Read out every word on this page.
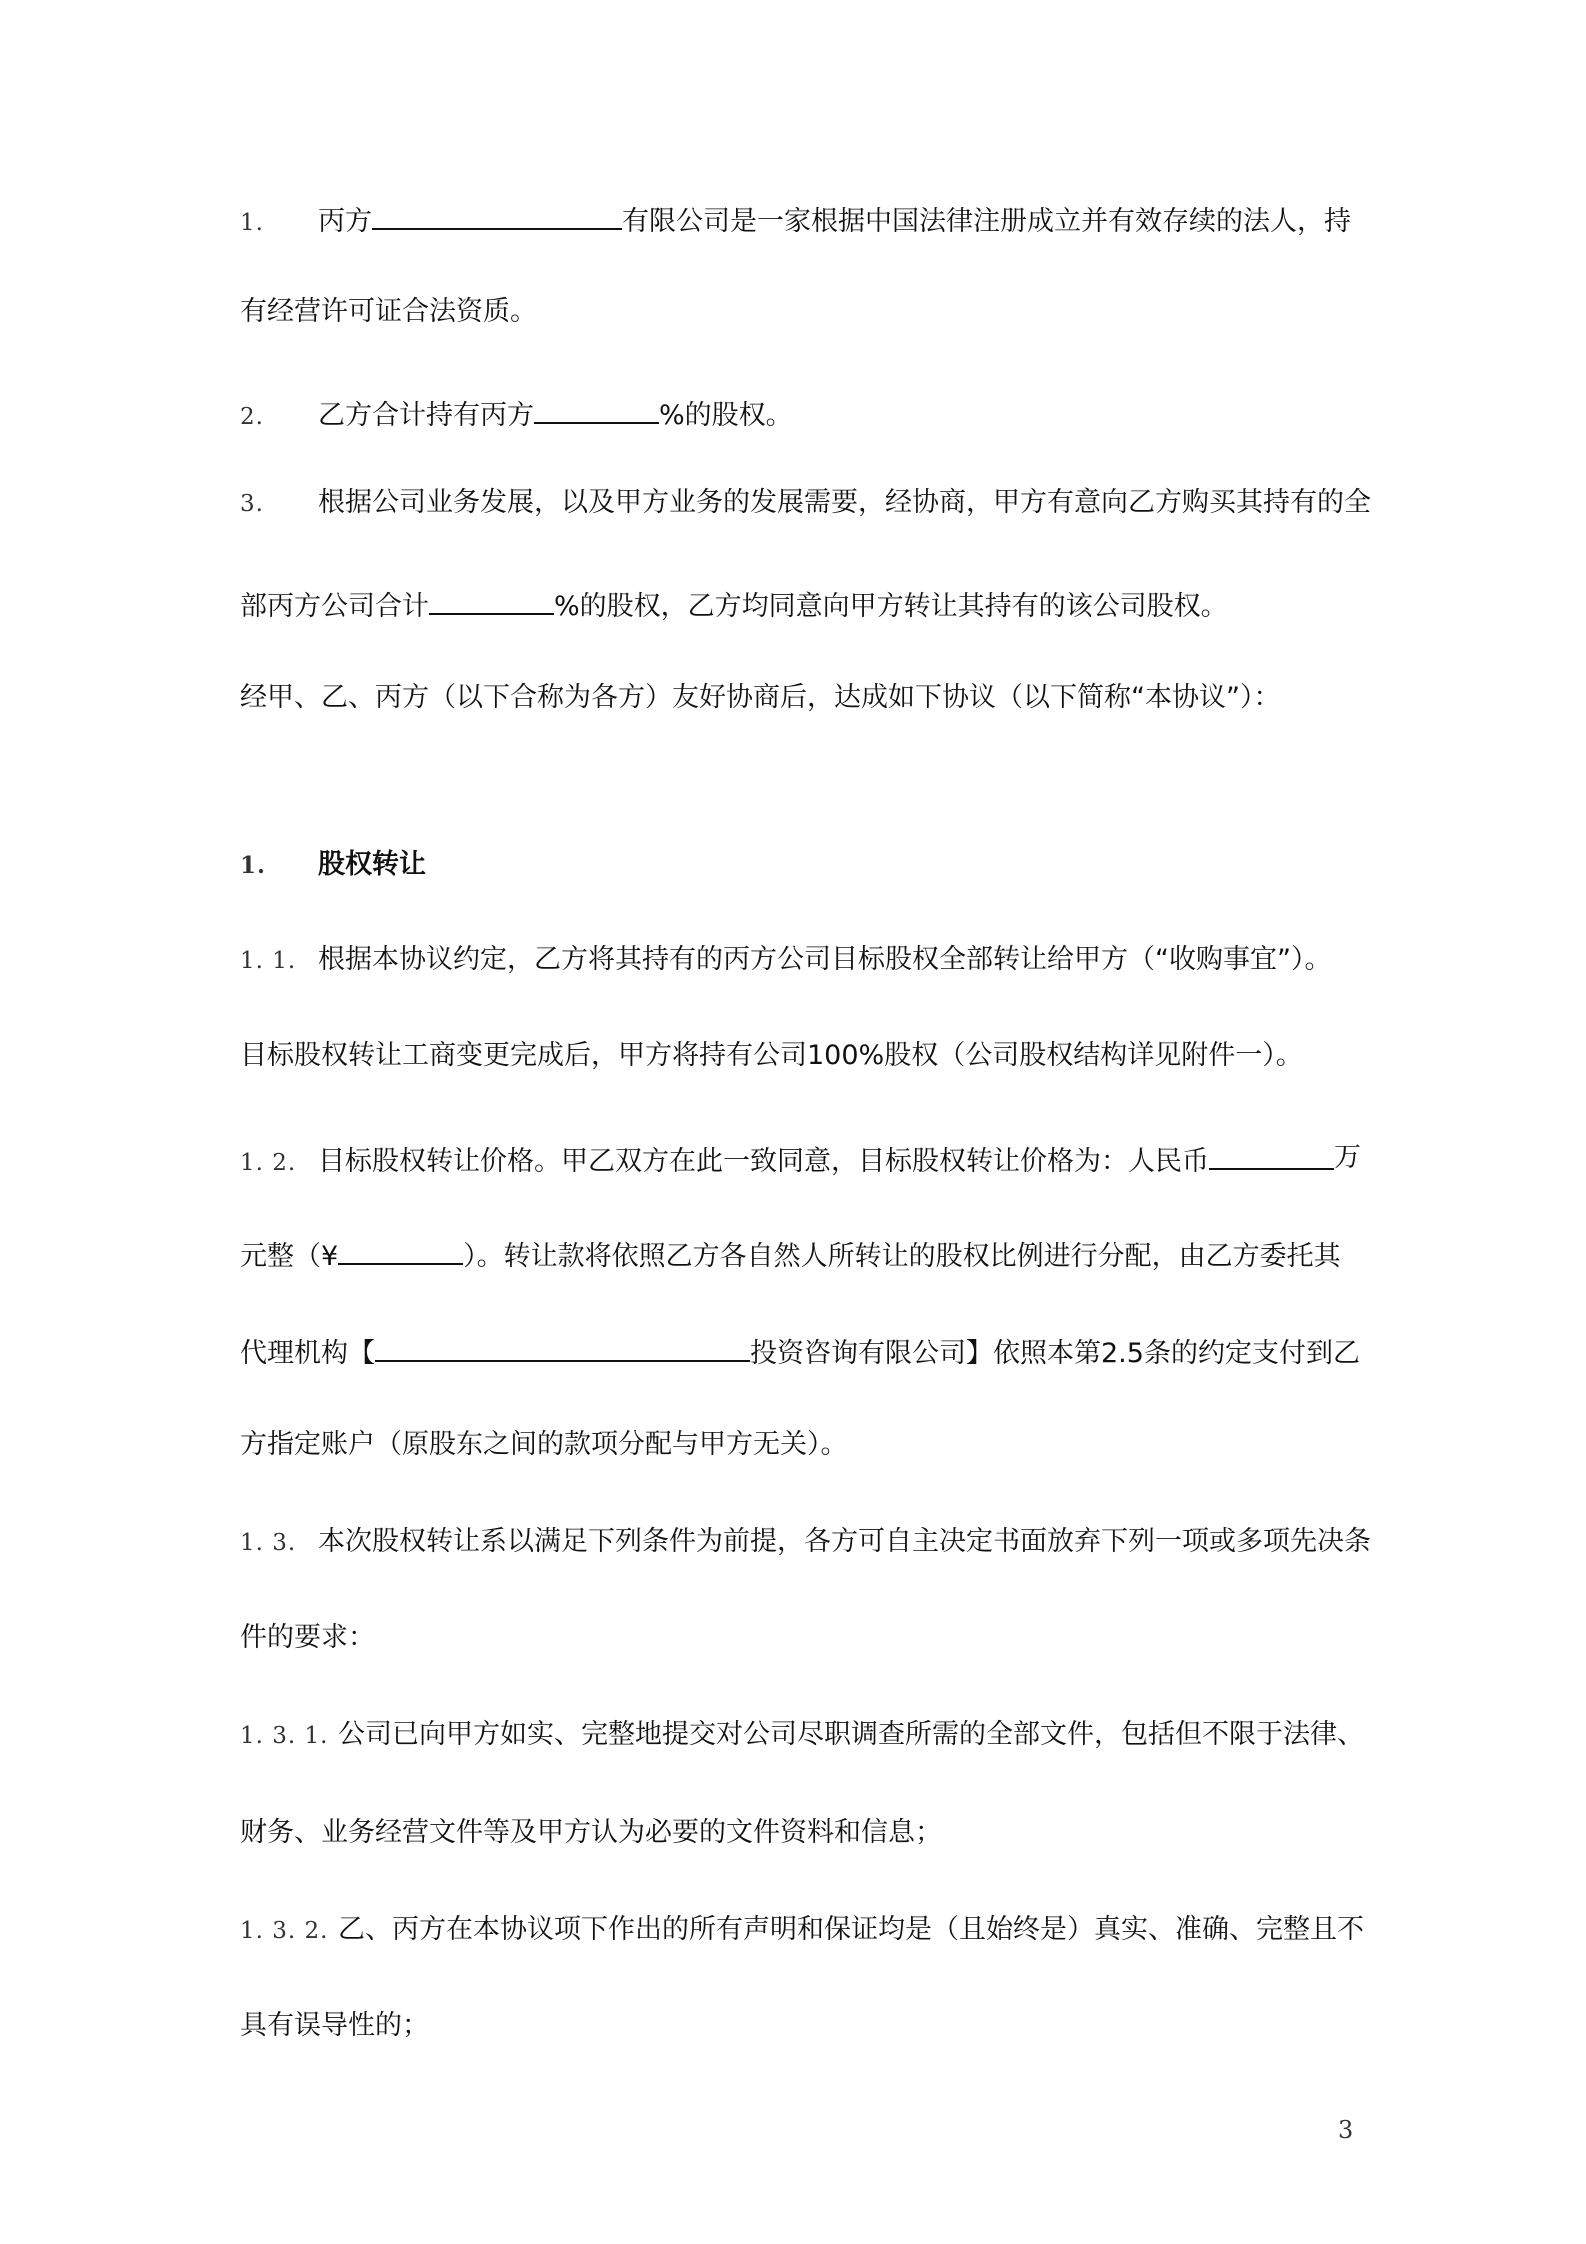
1. 丙方	有限公司是一家根据中国法律注册成立并有效存续的法人，持
有经营许可证合法资质。
2. 乙方合计持有丙方	%的股权。
3. 根据公司业务发展，以及甲方业务的发展需要，经协商，甲方有意向乙方购买其持有的全
部丙方公司合计	%的股权，乙方均同意向甲方转让其持有的该公司股权。
经甲、乙、丙方（以下合称为各方）友好协商后，达成如下协议（以下简称“本协议”）：
1. 股权转让
1. 1. 根据本协议约定，乙方将其持有的丙方公司目标股权全部转让给甲方（“收购事宜”）。
目标股权转让工商变更完成后，甲方将持有公司100%股权（公司股权结构详见附件一）。
1. 2. 目标股权转让价格。甲乙双方在此一致同意，目标股权转让价格为：人民币	万
元整（¥	）。转让款将依照乙方各自然人所转让的股权比例进行分配，由乙方委托其
代理机构【	投资咨询有限公司】依照本第2.5条的约定支付到乙
方指定账户（原股东之间的款项分配与甲方无关）。
1. 3. 本次股权转让系以满足下列条件为前提，各方可自主决定书面放弃下列一项或多项先决条
件的要求：
1. 3. 1. 公司已向甲方如实、完整地提交对公司尽职调查所需的全部文件，包括但不限于法律、
财务、业务经营文件等及甲方认为必要的文件资料和信息；
1. 3. 2. 乙、丙方在本协议项下作出的所有声明和保证均是（且始终是）真实、准确、完整且不
具有误导性的；
3
